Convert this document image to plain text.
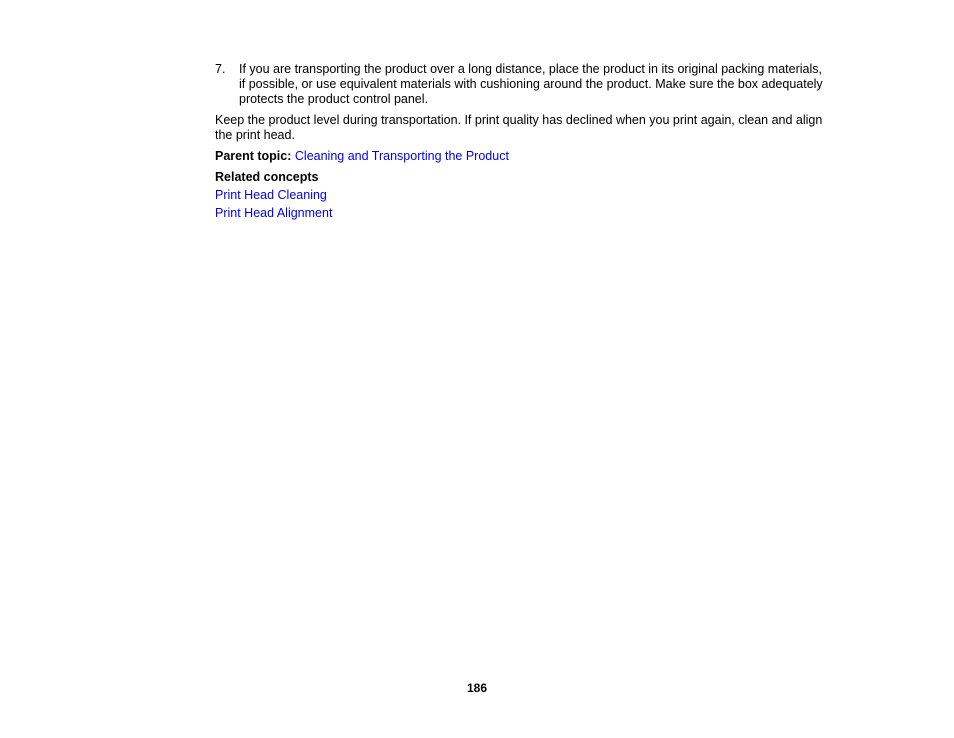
7. If you are transporting the product over a long distance, place the product in its original packing materials, if possible, or use equivalent materials with cushioning around the product. Make sure the box adequately protects the product control panel.

Keep the product level during transportation. If print quality has declined when you print again, clean and align the print head.

Parent topic: Cleaning and Transporting the Product

Related concepts

Print Head Cleaning
Print Head Alignment
186
